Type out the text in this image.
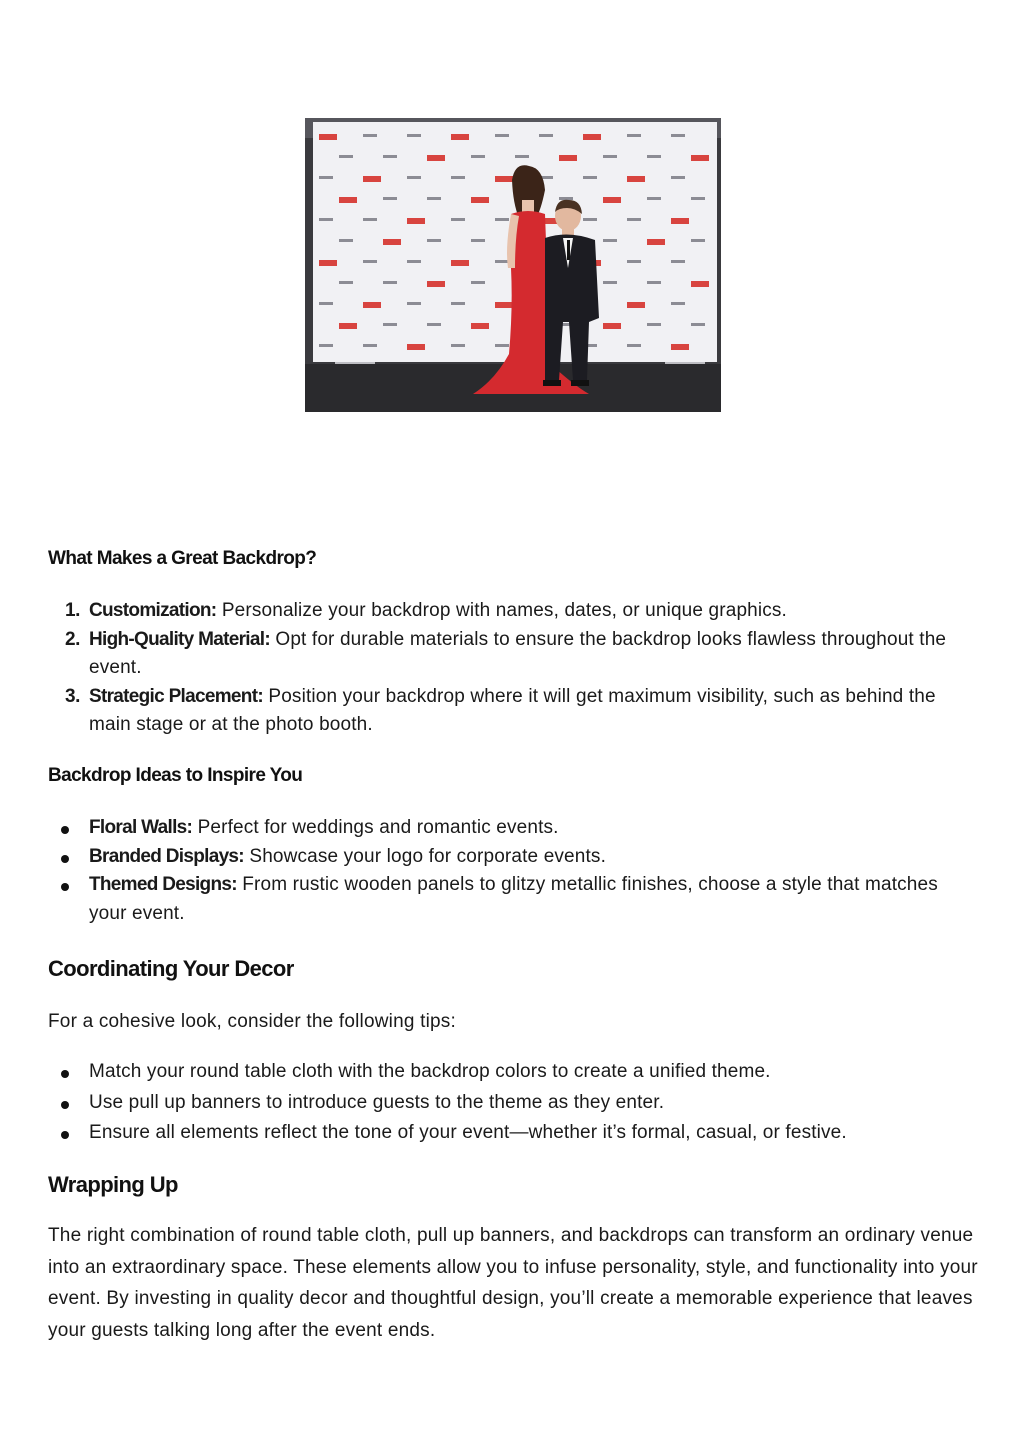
What Makes a Great Backdrop?
1. Customization: Personalize your backdrop with names, dates, or unique graphics.
2. High-Quality Material: Opt for durable materials to ensure the backdrop looks flawless throughout the event.
3. Strategic Placement: Position your backdrop where it will get maximum visibility, such as behind the main stage or at the photo booth.
Backdrop Ideas to Inspire You
Floral Walls: Perfect for weddings and romantic events.
Branded Displays: Showcase your logo for corporate events.
Themed Designs: From rustic wooden panels to glitzy metallic finishes, choose a style that matches your event.
Coordinating Your Decor

For a cohesive look, consider the following tips:

Match your round table cloth with the backdrop colors to create a unified theme.
Use pull up banners to introduce guests to the theme as they enter.
Ensure all elements reflect the tone of your event—whether it’s formal, casual, or festive.
Wrapping Up

The right combination of round table cloth, pull up banners, and backdrops can transform an ordinary venue into an extraordinary space. These elements allow you to infuse personality, style, and functionality into your event. By investing in quality decor and thoughtful design, you’ll create a memorable experience that leaves your guests talking long after the event ends.
